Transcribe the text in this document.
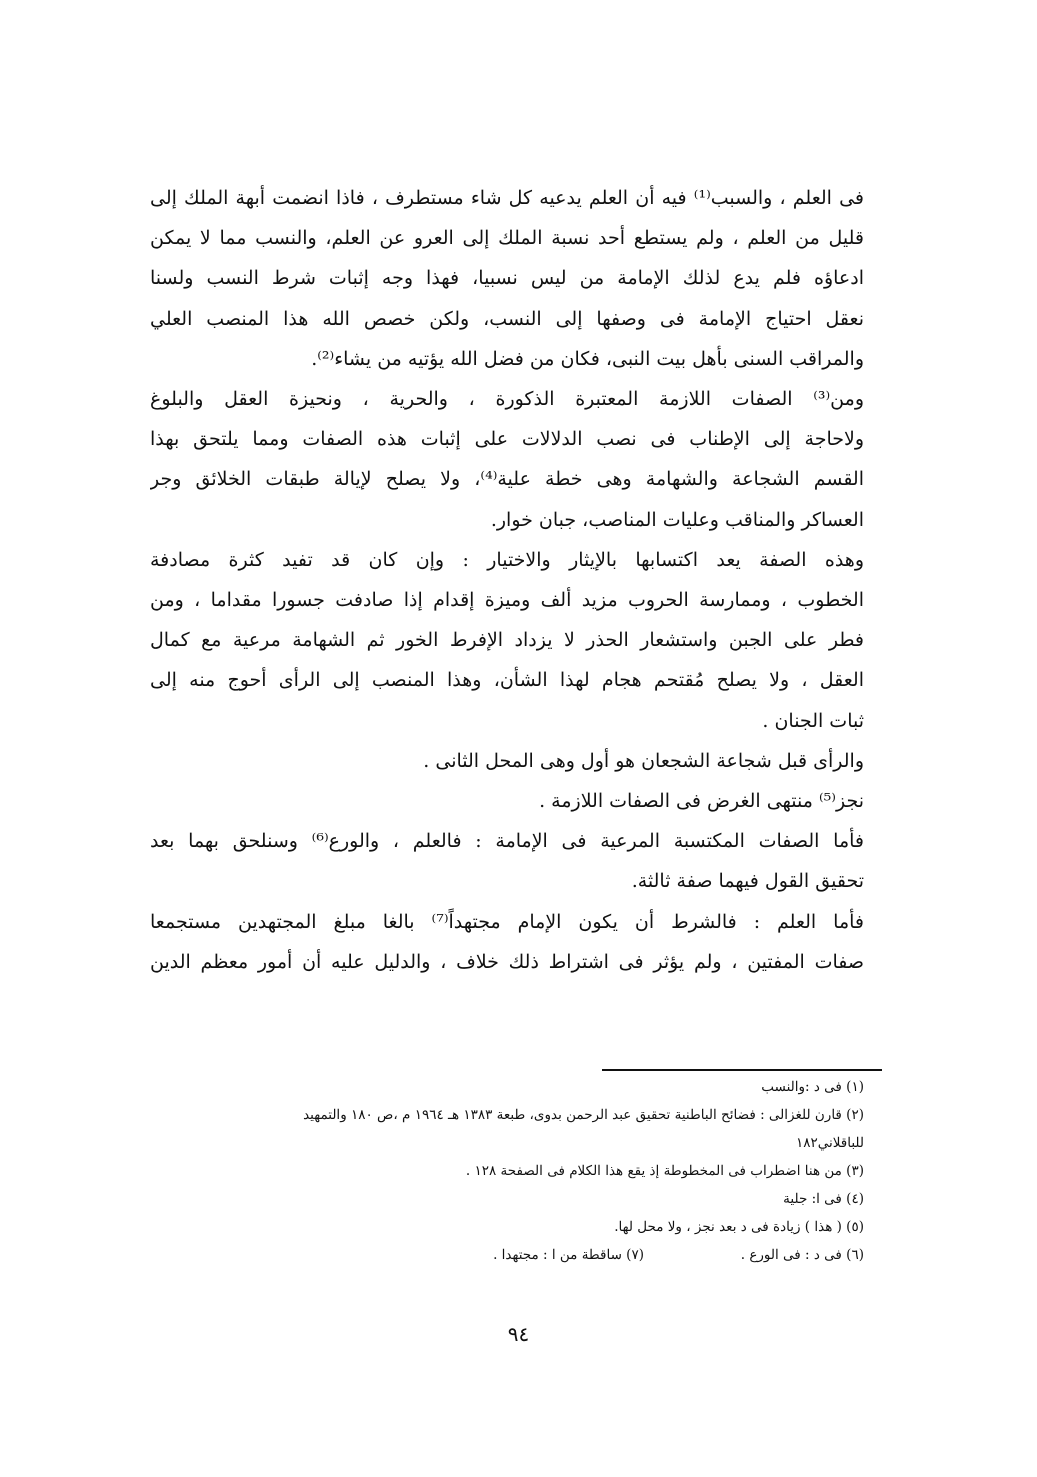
فى العلم ، والسبب⁽¹⁾ فيه أن العلم يدعيه كل شاء مستطرف ، فاذا انضمت أبهة الملك إلى
قليل من العلم ، ولم يستطع أحد نسبة الملك إلى العرو عن العلم، والنسب مما لا يمكن
ادعاؤه فلم يدع لذلك الإمامة من ليس نسبيا، فهذا وجه إثبات شرط النسب ولسنا
نعقل احتياج الإمامة فى وصفها إلى النسب، ولكن خصص الله هذا المنصب العلي
والمراقب السنى بأهل بيت النبى، فكان من فضل الله يؤتيه من يشاء⁽²⁾.
ومن⁽³⁾ الصفات اللازمة المعتبرة الذكورة ، والحرية ، ونحيزة العقل والبلوغ
ولاحاجة إلى الإطناب فى نصب الدلالات على إثبات هذه الصفات ومما يلتحق بهذا
القسم الشجاعة والشهامة وهى خطة علية⁽⁴⁾، ولا يصلح لإيالة طبقات الخلائق وجر
العساكر والمناقب وعليات المناصب، جبان خوار.
وهذه الصفة يعد اكتسابها بالإيثار والاختيار : وإن كان قد تفيد كثرة مصادفة
الخطوب ، وممارسة الحروب مزيد ألف وميزة إقدام إذا صادفت جسورا مقداما ، ومن
فطر على الجبن واستشعار الحذر لا يزداد الإفرط الخور ثم الشهامة مرعية مع كمال
العقل ، ولا يصلح مُقتحم هجام لهذا الشأن، وهذا المنصب إلى الرأى أحوج منه إلى
ثبات الجنان .
والرأى قبل شجاعة الشجعان هو أول وهى المحل الثانى .
نجز⁽⁵⁾ منتهى الغرض فى الصفات اللازمة .
فأما الصفات المكتسبة المرعية فى الإمامة : فالعلم ، والورع⁽⁶⁾ وسنلحق بهما بعد
تحقيق القول فيهما صفة ثالثة.
فأما العلم : فالشرط أن يكون الإمام مجتهداً⁽⁷⁾ بالغا مبلغ المجتهدين مستجمعا
صفات المفتين ، ولم يؤثر فى اشتراط ذلك خلاف ، والدليل عليه أن أمور معظم الدين
(١) فى د :والنسب
(٢) قارن للغزالى : فضائح الباطنية تحقيق عبد الرحمن بدوى، طبعة ١٣٨٣ هـ ١٩٦٤ م ،ص ١٨٠ والتمهيد
للباقلاني١٨٢
(٣) من هنا اضطراب فى المخطوطة إذ يقع هذا الكلام فى الصفحة ١٢٨ .
(٤) فى ا: جلية
(٥) ( هذا ) زيادة فى د بعد نجز ، ولا محل لها.
(٦) فى د : فى الورع .
(٧) ساقطة من ا : مجتهدا .
٩٤
